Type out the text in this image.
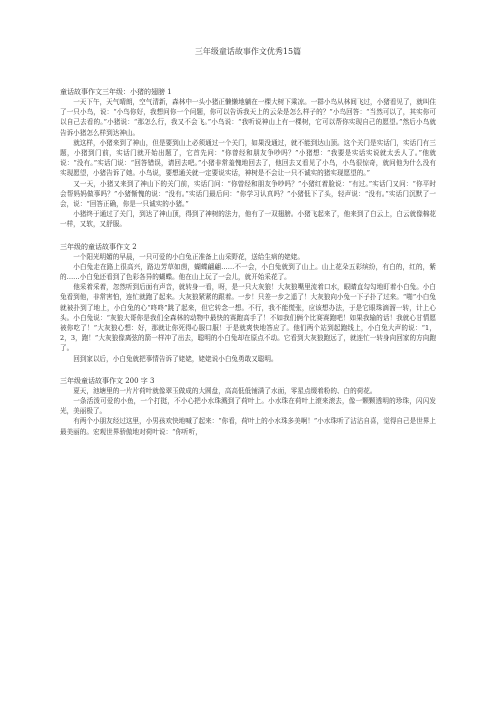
三年级童话故事作文优秀15篇
童话故事作文三年级：小猪的翅膀 1

一天下午，天气晴朗，空气清新，森林中一头小猪正懒懒地躺在一棵大树下乘凉。一群小鸟从林间飞过，小猪看见了，就叫住了一只小鸟，说：“小鸟你好，我想问你一个问题，你可以告诉我天上的云朵是怎么样子的？”小鸟回答：“当然可以了，其实你可以自己去看的。”小猪说：“那怎么行，我又不会飞。”小鸟说：“我听说神山上有一棵树，它可以帮你实现自己的愿望。”然后小鸟就告诉小猪怎么样到达神山。

就这样，小猪来到了神山，但是要到山上必须通过一个关门，如果没通过，就不能到达山顶。这个关门是实话门，实话门有三题，小猪到门前，实话门就开始出题了，它首先问：“你曾经和朋友争吵吗？”小猪想：“我要是实话实说就太丢人了。”他就说：“没有。”实话门说：“回答错误，请回去吧。”小猪非常羞愧地回去了，他回去又看见了小鸟，小鸟很惊奇，就问他为什么没有实现愿望，小猪告诉了她。小鸟说，要想通关就一定要说实话，神树是不会让一只不诚实的猪实现愿望的。”

又一天，小猪又来到了神山下的关门前，实话门问：“你曾经和朋友争吵吗？”小猪红着脸说：“有过。”实话门又问：“你平时会帮妈妈做事吗？”小猪惭愧的说：“没有。”实话门最后问：“你学习认真吗？”小猪低下了头，轻声说：“没有。”实话门沉默了一会，说：“回答正确，你是一只诚实的小猪。”

小猪终于通过了关门，到达了神山顶，得到了神树的法力，他有了一双翅膀。小猪飞起来了，他来到了白云上，白云就像棉花一样，又软，又舒服。

三年级的童话故事作文 2

一个阳光明媚的早晨，一只可爱的小白兔正准备上山采野花，送给生病的姥姥。

小白兔走在路上很高兴，路边芳草如茵，蝴蝶翩翩……不一会，小白兔就到了山上。山上花朵五彩缤纷，有白的，红的，紫的……小白兔还看到了色彩各异的蝴蝶。他在山上玩了一会儿，就开始采花了。

他采着采着，忽然听到后面有声音，就转身一看，呀，是一只大灰狼！大灰狼嘴里流着口水，眼睛直勾勾地盯着小白兔。小白兔看到他，非常害怕，连忙就跑了起来。大灰狼紧紧的跟着。一步！只差一步之遥了！大灰狼向小兔一下子扑了过来。“啪”小白兔就被扑到了地上，小白兔的心“咚咚”跳了起来，但它转念一想。不行，我不能慌张，应该想办法，于是它眼珠滴溜一转，计上心头。小白兔说：“灰狼大哥你是我们全森林的动物中最快的赛跑高手了！不如我们俩个比赛赛跑吧！如果我输的话！我就心甘情愿被你吃了！”大灰狼心想：好，那就让你死得心服口服！于是就爽快地答应了。他们两个站到起跑线上，小白兔大声的说：“1，2，3，跑！”大灰狼像离弦的箭一样冲了出去，聪明的小白兔却在原点不动。它看到大灰狼跑远了，就连忙一转身向回家的方向跑了。

回到家以后，小白兔就把事情告诉了姥姥，姥姥说小白兔勇敢又聪明。

三年级童话故事作文 200 字 3

夏天，池塘里的一片片荷叶就像翠玉做成的大圆盘，高高低低铺满了水面，零星点缀着粉的、白的荷花。

一条活泼可爱的小鱼，一个打挺，不小心把小水珠溅到了荷叶上。小水珠在荷叶上滚来滚去，像一颗颗透明的珍珠，闪闪发光，美丽极了。

有两个小朋友经过这里，小男孩欢快地喊了起来：“你看，荷叶上的小水珠多美啊！”小水珠听了沾沾自喜，觉得自己是世界上最美丽的。宏观世界骄傲地对荷叶说：“你听听，
